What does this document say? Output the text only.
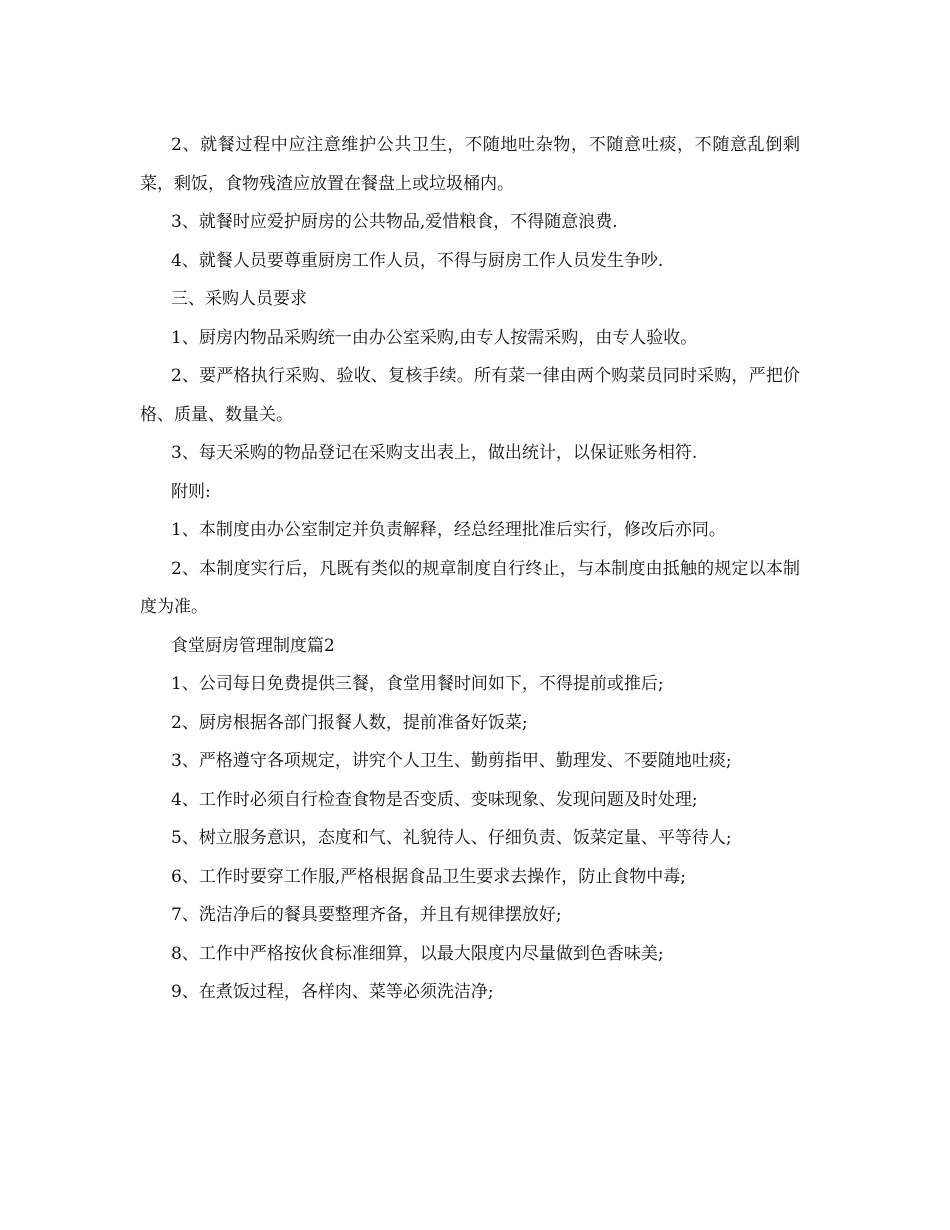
2、就餐过程中应注意维护公共卫生，不随地吐杂物，不随意吐痰，不随意乱倒剩菜，剩饭，食物残渣应放置在餐盘上或垃圾桶内。

3、就餐时应爱护厨房的公共物品,爱惜粮食，不得随意浪费.

4、就餐人员要尊重厨房工作人员，不得与厨房工作人员发生争吵.

三、采购人员要求

1、厨房内物品采购统一由办公室采购,由专人按需采购，由专人验收。

2、要严格执行采购、验收、复核手续。所有菜一律由两个购菜员同时采购，严把价格、质量、数量关。

3、每天采购的物品登记在采购支出表上，做出统计，以保证账务相符.

附则:

1、本制度由办公室制定并负责解释，经总经理批准后实行，修改后亦同。

2、本制度实行后，凡既有类似的规章制度自行终止，与本制度由抵触的规定以本制度为准。

食堂厨房管理制度篇2

1、公司每日免费提供三餐，食堂用餐时间如下，不得提前或推后;

2、厨房根据各部门报餐人数，提前准备好饭菜;

3、严格遵守各项规定，讲究个人卫生、勤剪指甲、勤理发、不要随地吐痰;

4、工作时必须自行检查食物是否变质、变味现象、发现问题及时处理;

5、树立服务意识，态度和气、礼貌待人、仔细负责、饭菜定量、平等待人;

6、工作时要穿工作服,严格根据食品卫生要求去操作，防止食物中毒;

7、洗洁净后的餐具要整理齐备，并且有规律摆放好;

8、工作中严格按伙食标准细算，以最大限度内尽量做到色香味美;

9、在煮饭过程，各样肉、菜等必须洗洁净;
